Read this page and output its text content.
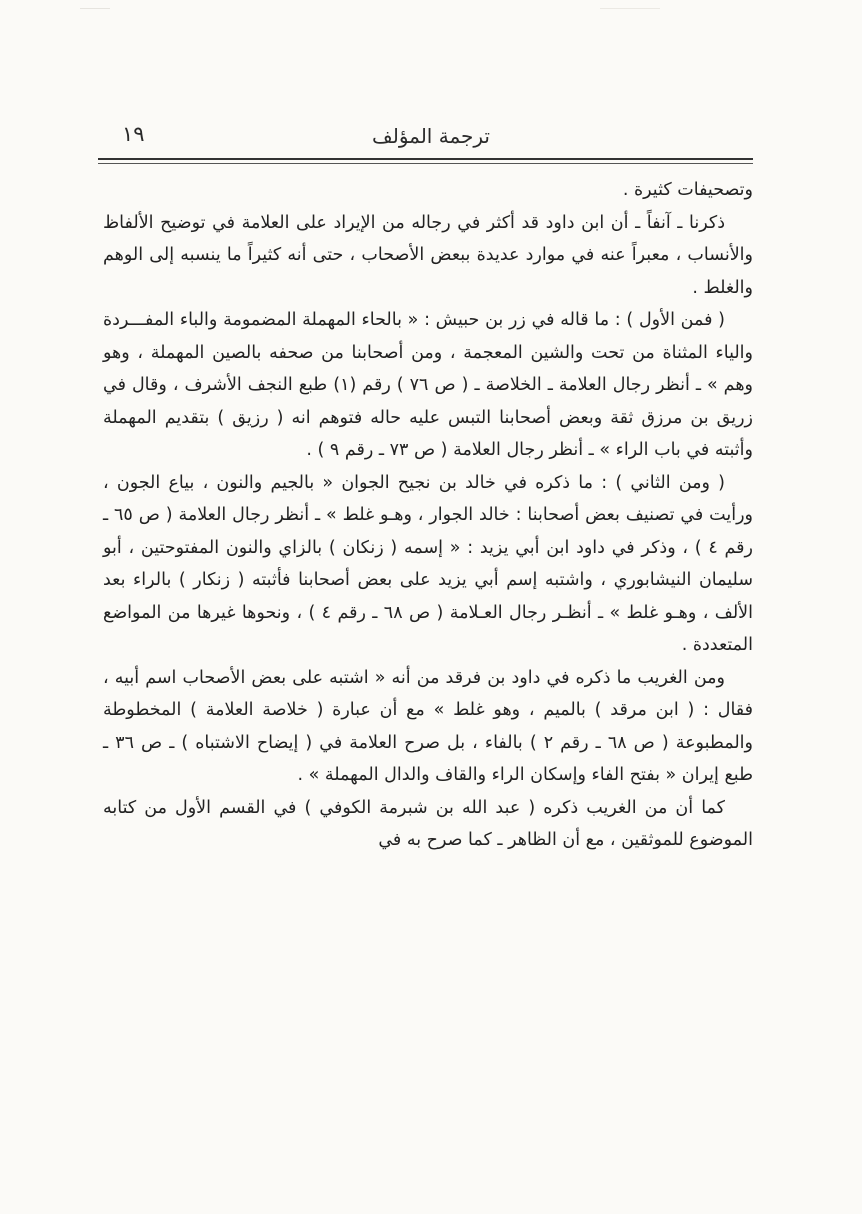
١٩	ترجمة المؤلف

وتصحيفات كثيرة .

ذكرنا ـ آنفاً ـ أن ابن داود قد أكثر في رجاله من الإيراد على العلامة في توضيح الألفاظ والأنساب ، معبراً عنه في موارد عديدة ببعض الأصحاب ، حتى أنه كثيراً ما ينسبه إلى الوهم والغلط .

( فمن الأول ) : ما قاله في زر بن حبيش : « بالحاء المهملة المضمومة والباء المفـــردة والياء المثناة من تحت والشين المعجمة ، ومن أصحابنا من صحفه بالصين المهملة ، وهو وهم » ـ أنظر رجال العلامة ـ الخلاصة ـ ( ص ٧٦ ) رقم (١) طبع النجف الأشرف ، وقال في زريق بن مرزق ثقة وبعض أصحابنا التبس عليه حاله فتوهم انه ( رزيق ) بتقديم المهملة وأثبته في باب الراء » ـ أنظر رجال العلامة ( ص ٧٣ ـ رقم ٩ ) .

( ومن الثاني ) : ما ذكره في خالد بن نجيح الجوان « بالجيم والنون ، بياع الجون ، ورأيت في تصنيف بعض أصحابنا : خالد الجوار ، وهـو غلط » ـ أنظر رجال العلامة ( ص ٦٥ ـ رقم ٤ ) ، وذكر في داود ابن أبي يزيد : « إسمه ( زنكان ) بالزاي والنون المفتوحتين ، أبو سليمان النيشابوري ، واشتبه إسم أبي يزيد على بعض أصحابنا فأثبته ( زنكار ) بالراء بعد الألف ، وهـو غلط » ـ أنظـر رجال العـلامة ( ص ٦٨ ـ رقم ٤ ) ، ونحوها غيرها من المواضع المتعددة .

ومن الغريب ما ذكره في داود بن فرقد من أنه « اشتبه على بعض الأصحاب اسم أبيه ، فقال : ( ابن مرقد ) بالميم ، وهو غلط » مع أن عبارة ( خلاصة العلامة ) المخطوطة والمطبوعة ( ص ٦٨ ـ رقم ٢ ) بالفاء ، بل صرح العلامة في ( إيضاح الاشتباه ) ـ ص ٣٦ ـ طبع إيران « بفتح الفاء وإسكان الراء والقاف والدال المهملة » .

كما أن من الغريب ذكره ( عبد الله بن شبرمة الكوفي ) في القسم الأول من كتابه الموضوع للموثقين ، مع أن الظاهر ـ كما صرح به في
